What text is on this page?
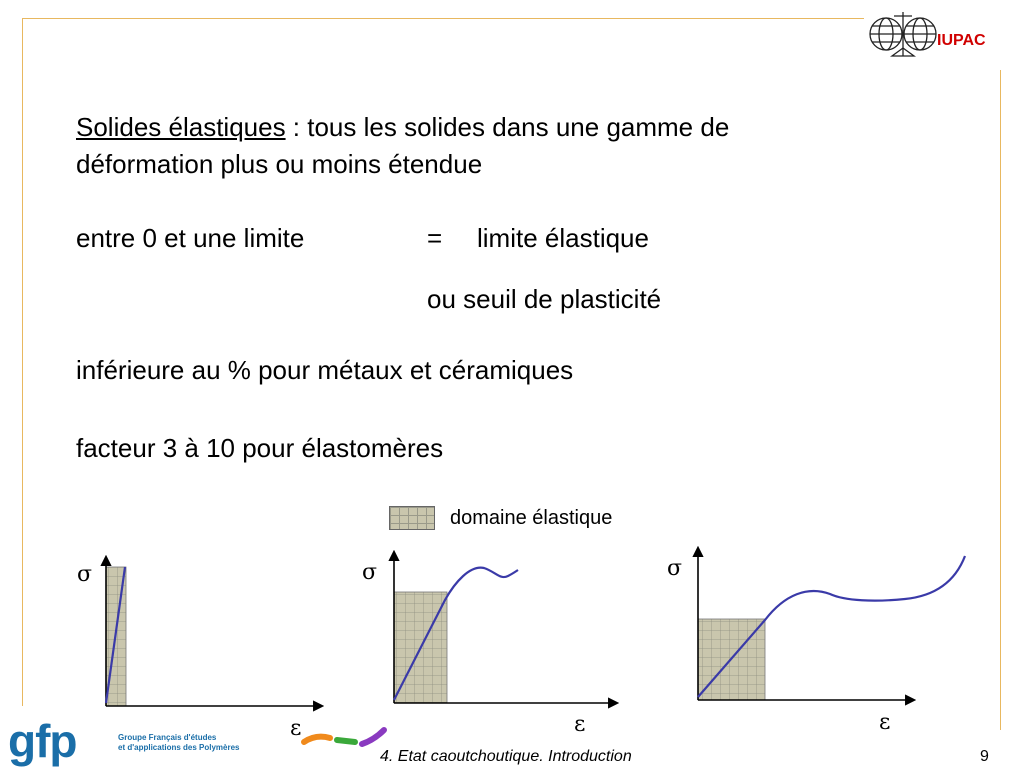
IUPAC
Solides élastiques : tous les solides dans une gamme de
déformation plus ou moins étendue
entre 0 et une limite	= limite élastique
ou seuil de plasticité
inférieure au % pour métaux et céramiques
facteur 3 à 10 pour élastomères
domaine élastique
σ	σ	σ
ε	ε	ε
gfp	Groupe Français d'études
et d'applications des Polymères
4. Etat caoutchoutique. Introduction	9
